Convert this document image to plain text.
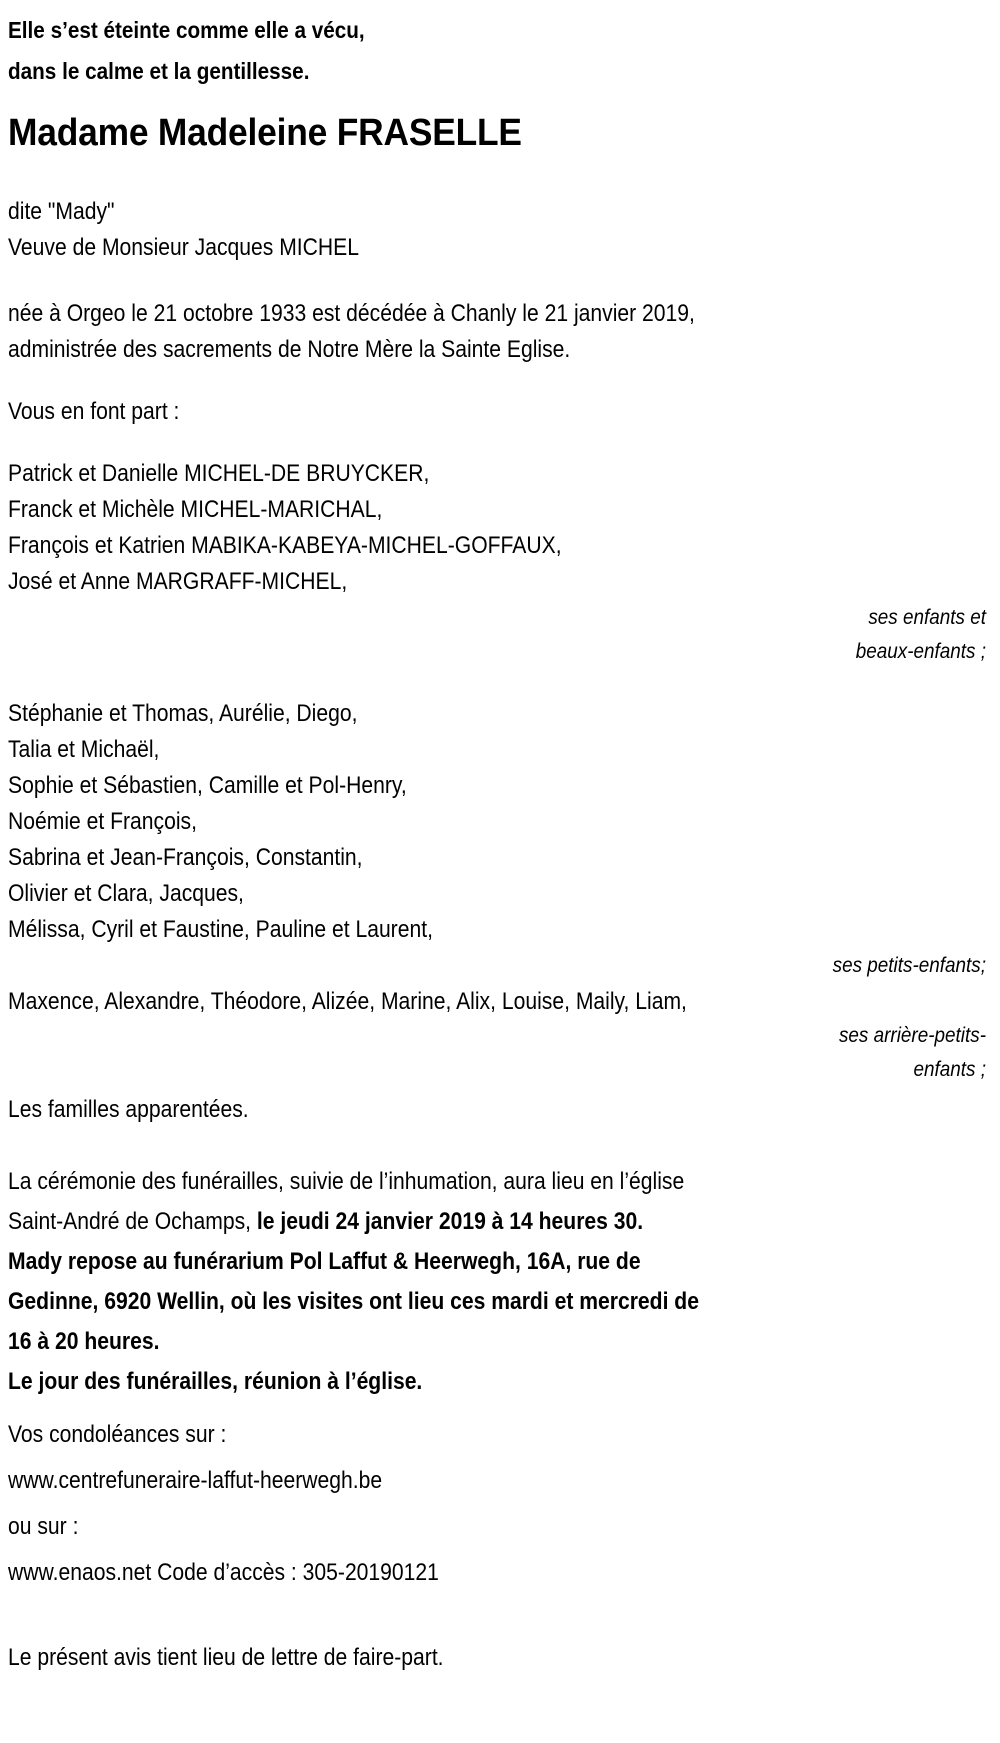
Elle s’est éteinte comme elle a vécu,
dans le calme et la gentillesse.
Madame Madeleine FRASELLE
dite "Mady"
Veuve de Monsieur Jacques MICHEL
née à Orgeo le 21 octobre 1933 est décédée à Chanly le 21 janvier 2019,
administrée des sacrements de Notre Mère la Sainte Eglise.
Vous en font part :
Patrick et Danielle MICHEL-DE BRUYCKER,
Franck et Michèle MICHEL-MARICHAL,
François et Katrien MABIKA-KABEYA-MICHEL-GOFFAUX,
José et Anne MARGRAFF-MICHEL,
ses enfants et
beaux-enfants ;
Stéphanie et Thomas, Aurélie, Diego,
Talia et Michaël,
Sophie et Sébastien, Camille et Pol-Henry,
Noémie et François,
Sabrina et Jean-François, Constantin,
Olivier et Clara, Jacques,
Mélissa, Cyril et Faustine, Pauline et Laurent,
ses petits-enfants;
Maxence, Alexandre, Théodore, Alizée, Marine, Alix, Louise, Maily, Liam,
ses arrière-petits-
enfants ;
Les familles apparentées.
La cérémonie des funérailles, suivie de l’inhumation, aura lieu en l’église
Saint-André de Ochamps, le jeudi 24 janvier 2019 à 14 heures 30.
Mady repose au funérarium Pol Laffut & Heerwegh, 16A, rue de
Gedinne, 6920 Wellin, où les visites ont lieu ces mardi et mercredi de
16 à 20 heures.
Le jour des funérailles, réunion à l’église.
Vos condoléances sur :
www.centrefuneraire-laffut-heerwegh.be
ou sur :
www.enaos.net Code d’accès : 305-20190121
Le présent avis tient lieu de lettre de faire-part.
